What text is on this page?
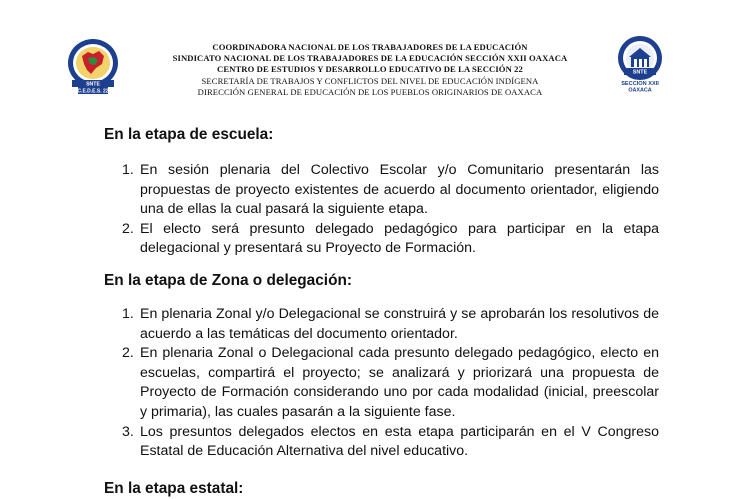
SNTE
C.E.D.E.S. 22
COORDINADORA NACIONAL DE LOS TRABAJADORES DE LA EDUCACIÓN
SINDICATO NACIONAL DE LOS TRABAJADORES DE LA EDUCACIÓN SECCIÓN XXII OAXACA
CENTRO DE ESTUDIOS Y DESARROLLO EDUCATIVO DE LA SECCIÓN 22
SECRETARÍA DE TRABAJOS Y CONFLICTOS DEL NIVEL DE EDUCACIÓN INDÍGENA
DIRECCIÓN GENERAL DE EDUCACIÓN DE LOS PUEBLOS ORIGINARIOS DE OAXACA
SNTE
SECCION XXII
OAXACA
En la etapa de escuela:
1. En sesión plenaria del Colectivo Escolar y/o Comunitario presentarán las propuestas de proyecto existentes de acuerdo al documento orientador, eligiendo una de ellas la cual pasará la siguiente etapa.
2. El electo será presunto delegado pedagógico para participar en la etapa delegacional y presentará su Proyecto de Formación.
En la etapa de Zona o delegación:
1. En plenaria Zonal y/o Delegacional se construirá y se aprobarán los resolutivos de acuerdo a las temáticas del documento orientador.
2. En plenaria Zonal o Delegacional cada presunto delegado pedagógico, electo en escuelas, compartirá el proyecto; se analizará y priorizará una propuesta de Proyecto de Formación considerando uno por cada modalidad (inicial, preescolar y primaria), las cuales pasarán a la siguiente fase.
3. Los presuntos delegados electos en esta etapa participarán en el V Congreso Estatal de Educación Alternativa del nivel educativo.
En la etapa estatal:
